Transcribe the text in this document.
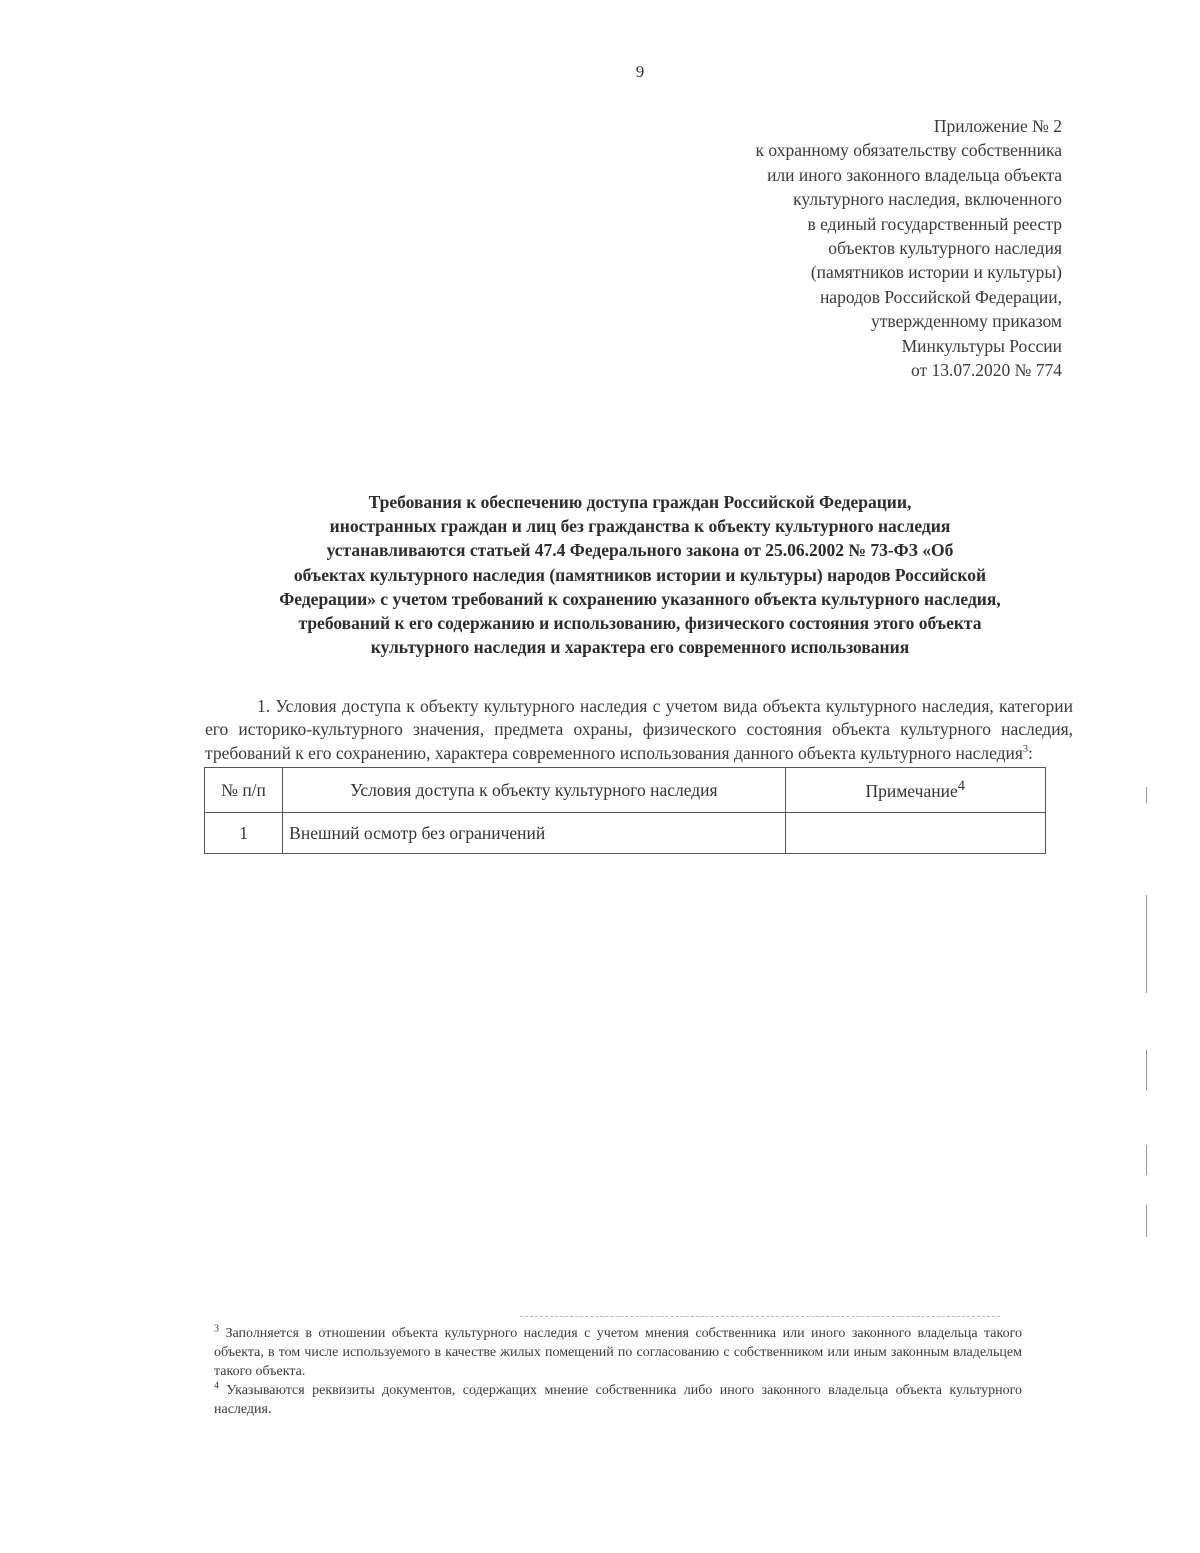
9
Приложение № 2
к охранному обязательству собственника
или иного законного владельца объекта
культурного наследия, включенного
в единый государственный реестр
объектов культурного наследия
(памятников истории и культуры)
народов Российской Федерации,
утвержденному приказом
Минкультуры России
от 13.07.2020 № 774
Требования к обеспечению доступа граждан Российской Федерации,
иностранных граждан и лиц без гражданства к объекту культурного наследия
устанавливаются статьей 47.4 Федерального закона от 25.06.2002 № 73-ФЗ «Об
объектах культурного наследия (памятников истории и культуры) народов Российской
Федерации» с учетом требований к сохранению указанного объекта культурного наследия,
требований к его содержанию и использованию, физического состояния этого объекта
культурного наследия и характера его современного использования

1. Условия доступа к объекту культурного наследия с учетом вида объекта культурного наследия, категории его историко-культурного значения, предмета охраны, физического состояния объекта культурного наследия, требований к его сохранению, характера современного использования данного объекта культурного наследия$^3$:

№ п/п	Условия доступа к объекту культурного наследия	Примечание$^4$
1	Внешний осмотр без ограничений	
$^3$ Заполняется в отношении объекта культурного наследия с учетом мнения собственника или иного законного владельца такого объекта, в том числе используемого в качестве жилых помещений по согласованию с собственником или иным законным владельцем такого объекта.
$^4$ Указываются реквизиты документов, содержащих мнение собственника либо иного законного владельца объекта культурного наследия.
